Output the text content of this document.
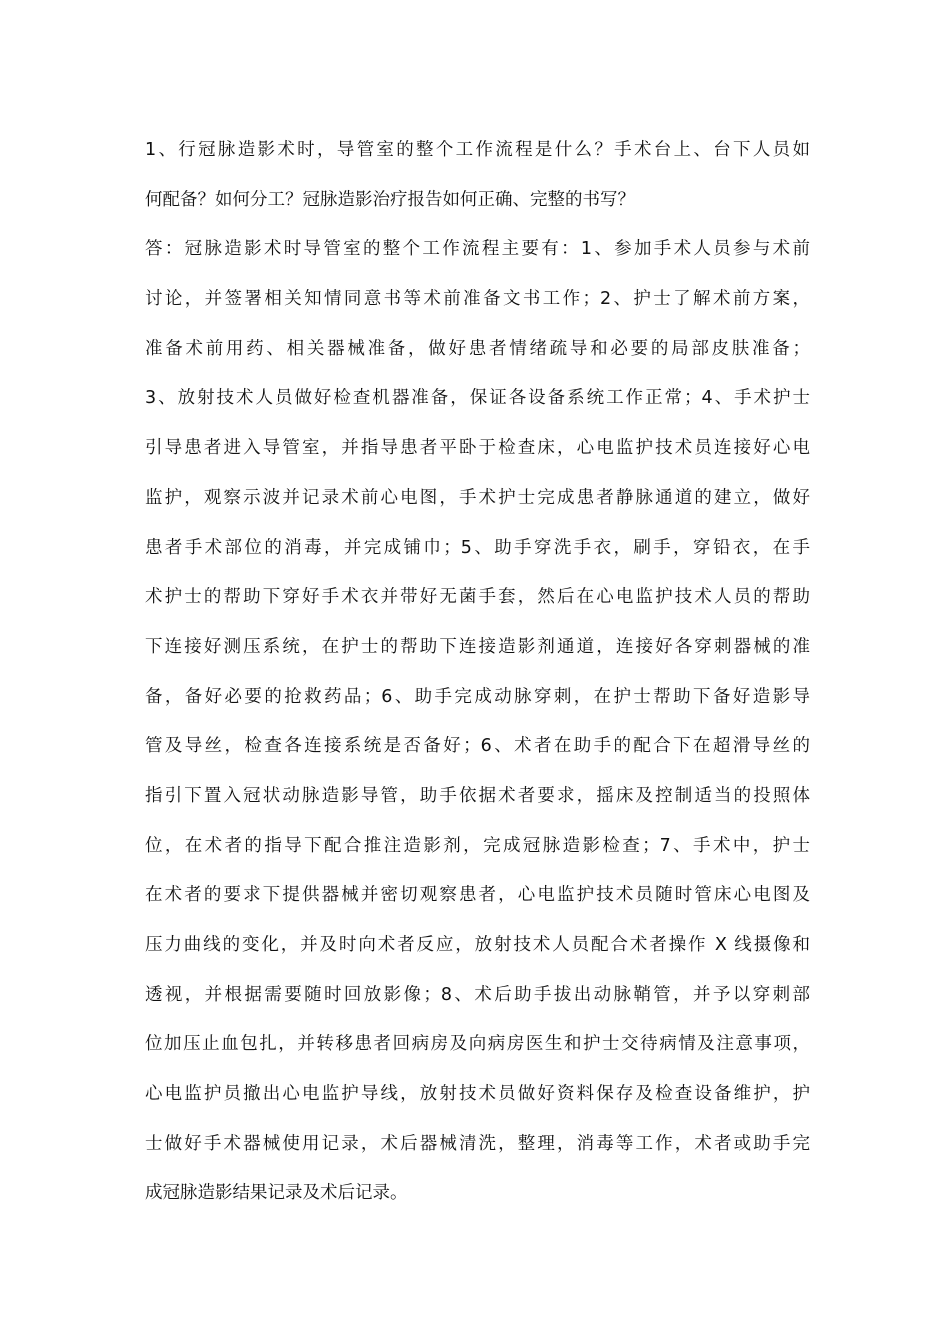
1、行冠脉造影术时，导管室的整个工作流程是什么？手术台上、台下人员如
何配备？如何分工？冠脉造影治疗报告如何正确、完整的书写？
答：冠脉造影术时导管室的整个工作流程主要有：1、参加手术人员参与术前
讨论，并签署相关知情同意书等术前准备文书工作；2、护士了解术前方案，
准备术前用药、相关器械准备，做好患者情绪疏导和必要的局部皮肤准备；
3、放射技术人员做好检查机器准备，保证各设备系统工作正常；4、手术护士
引导患者进入导管室，并指导患者平卧于检查床，心电监护技术员连接好心电
监护，观察示波并记录术前心电图，手术护士完成患者静脉通道的建立，做好
患者手术部位的消毒，并完成铺巾；5、助手穿洗手衣，刷手，穿铅衣，在手
术护士的帮助下穿好手术衣并带好无菌手套，然后在心电监护技术人员的帮助
下连接好测压系统，在护士的帮助下连接造影剂通道，连接好各穿刺器械的准
备，备好必要的抢救药品；6、助手完成动脉穿刺，在护士帮助下备好造影导
管及导丝，检查各连接系统是否备好；6、术者在助手的配合下在超滑导丝的
指引下置入冠状动脉造影导管，助手依据术者要求，摇床及控制适当的投照体
位，在术者的指导下配合推注造影剂，完成冠脉造影检查；7、手术中，护士
在术者的要求下提供器械并密切观察患者，心电监护技术员随时管床心电图及
压力曲线的变化，并及时向术者反应，放射技术人员配合术者操作 X 线摄像和
透视，并根据需要随时回放影像；8、术后助手拔出动脉鞘管，并予以穿刺部
位加压止血包扎，并转移患者回病房及向病房医生和护士交待病情及注意事项，
心电监护员撤出心电监护导线，放射技术员做好资料保存及检查设备维护，护
士做好手术器械使用记录，术后器械清洗，整理，消毒等工作，术者或助手完
成冠脉造影结果记录及术后记录。
